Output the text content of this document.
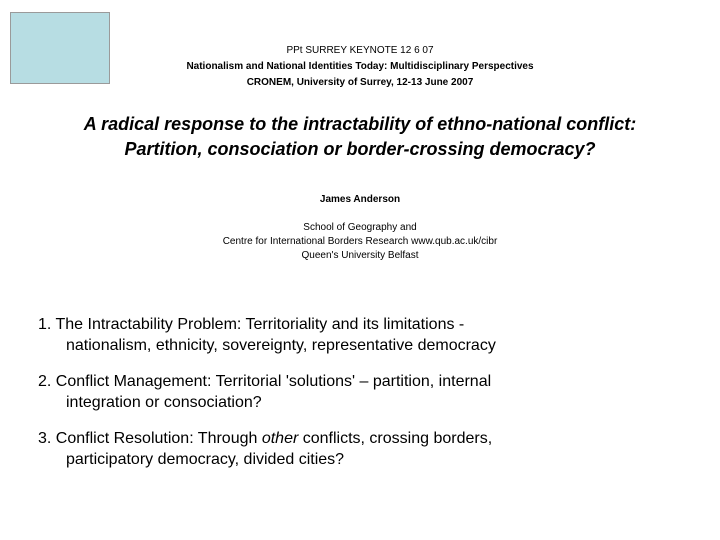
PPt SURREY KEYNOTE 12 6 07
Nationalism and National Identities Today: Multidisciplinary Perspectives
CRONEM, University of Surrey, 12-13 June 2007
A radical response to the intractability of ethno-national conflict:
Partition, consociation or border-crossing democracy?
James Anderson
School of Geography and
Centre for International Borders Research www.qub.ac.uk/cibr
Queen's University Belfast
1. The Intractability Problem: Territoriality and its limitations -
nationalism, ethnicity, sovereignty, representative democracy
2. Conflict Management: Territorial 'solutions' – partition, internal
integration or consociation?
3. Conflict Resolution: Through other conflicts, crossing borders,
participatory democracy, divided cities?
